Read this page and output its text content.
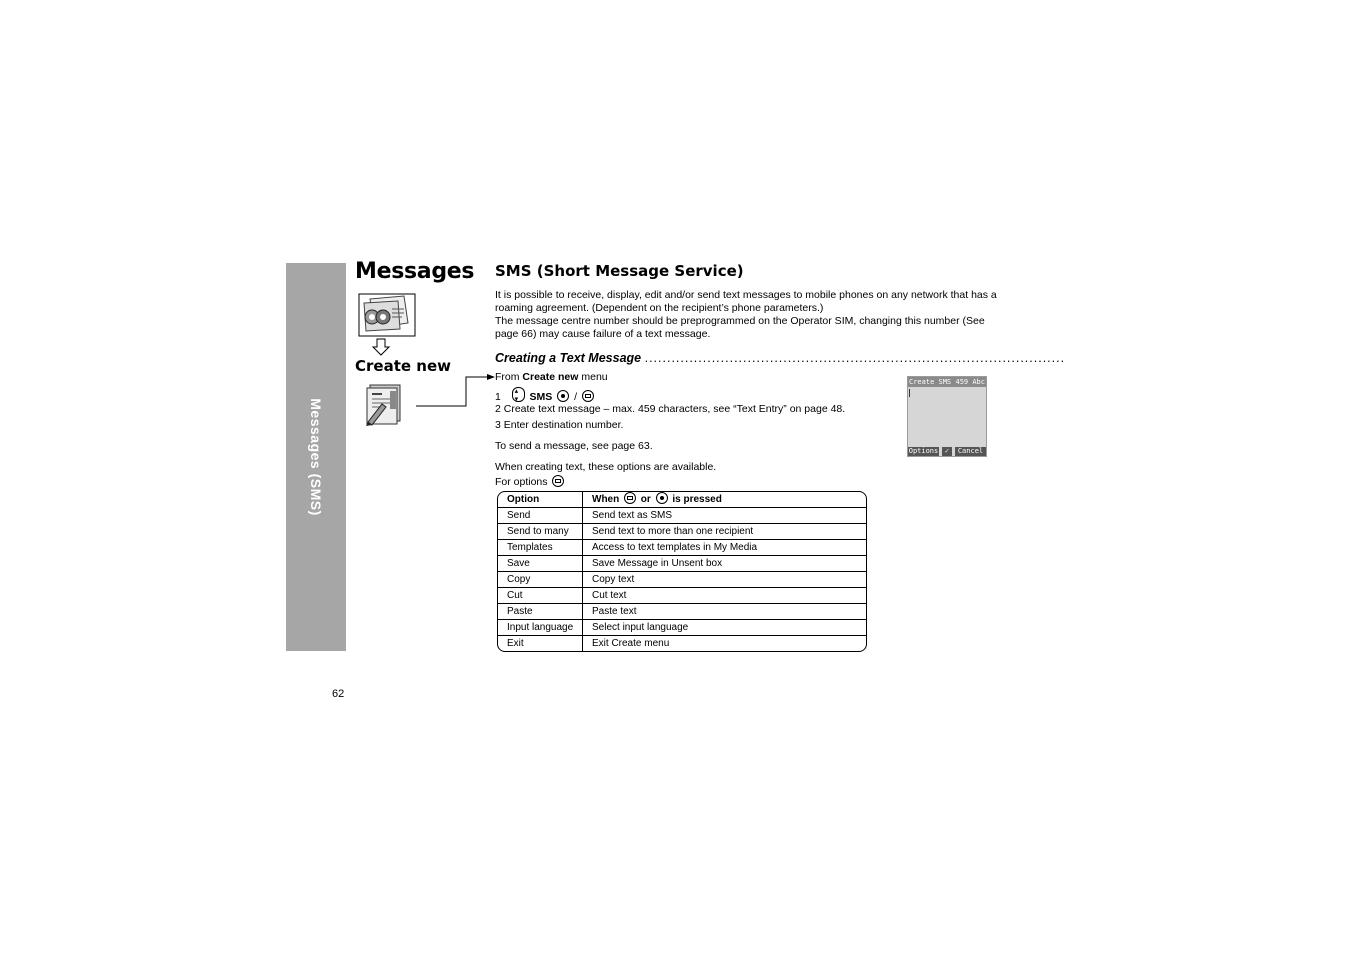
Messages (SMS)
Messages
Create new
SMS (Short Message Service)
It is possible to receive, display, edit and/or send text messages to mobile phones on any network that has a roaming agreement. (Dependent on the recipient’s phone parameters.)
The message centre number should be preprogrammed on the Operator SIM, changing this number (See page 66) may cause failure of a text message.
Creating a Text Message ..............................................................................................
From Create new menu
1 ▴ ▾	SMS /
2 Create text message – max. 459 characters, see “Text Entry” on page 48.
3 Enter destination number.
To send a message, see page 63.
When creating text, these options are available.
For options
Create SMS 459 Abc
Options ✓	Cancel
Option	When or is pressed
Send	Send text as SMS
Send to many	Send text to more than one recipient
Templates	Access to text templates in My Media
Save	Save Message in Unsent box
Copy	Copy text
Cut	Cut text
Paste	Paste text
Input language	Select input language
Exit	Exit Create menu
62
